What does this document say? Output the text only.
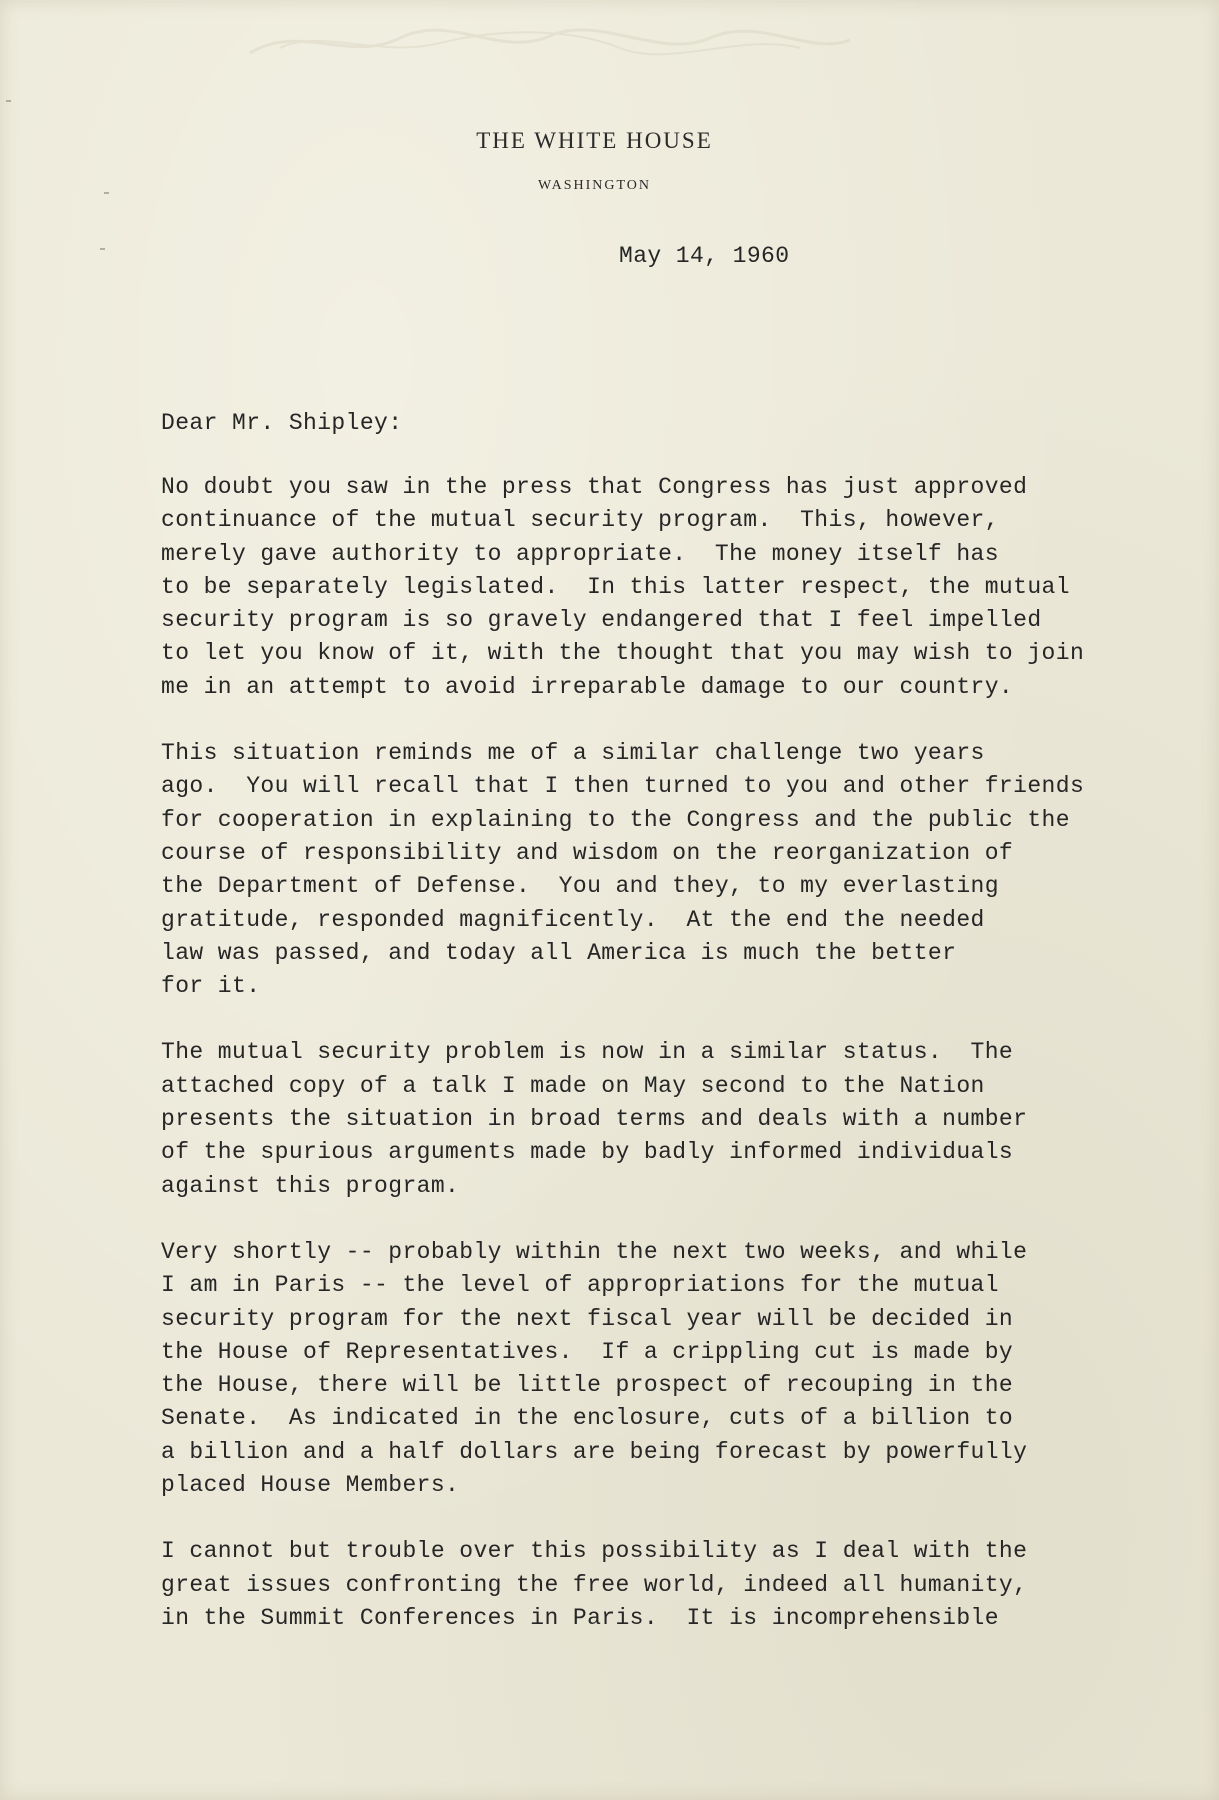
THE WHITE HOUSE

WASHINGTON

May 14, 1960

Dear Mr. Shipley:

No doubt you saw in the press that Congress has just approved
continuance of the mutual security program.  This, however,
merely gave authority to appropriate.  The money itself has
to be separately legislated.  In this latter respect, the mutual
security program is so gravely endangered that I feel impelled
to let you know of it, with the thought that you may wish to join
me in an attempt to avoid irreparable damage to our country.
This situation reminds me of a similar challenge two years
ago.  You will recall that I then turned to you and other friends
for cooperation in explaining to the Congress and the public the
course of responsibility and wisdom on the reorganization of
the Department of Defense.  You and they, to my everlasting
gratitude, responded magnificently.  At the end the needed
law was passed, and today all America is much the better
for it.
The mutual security problem is now in a similar status.  The
attached copy of a talk I made on May second to the Nation
presents the situation in broad terms and deals with a number
of the spurious arguments made by badly informed individuals
against this program.
Very shortly -- probably within the next two weeks, and while
I am in Paris -- the level of appropriations for the mutual
security program for the next fiscal year will be decided in
the House of Representatives.  If a crippling cut is made by
the House, there will be little prospect of recouping in the
Senate.  As indicated in the enclosure, cuts of a billion to
a billion and a half dollars are being forecast by powerfully
placed House Members.
I cannot but trouble over this possibility as I deal with the
great issues confronting the free world, indeed all humanity,
in the Summit Conferences in Paris.  It is incomprehensible
